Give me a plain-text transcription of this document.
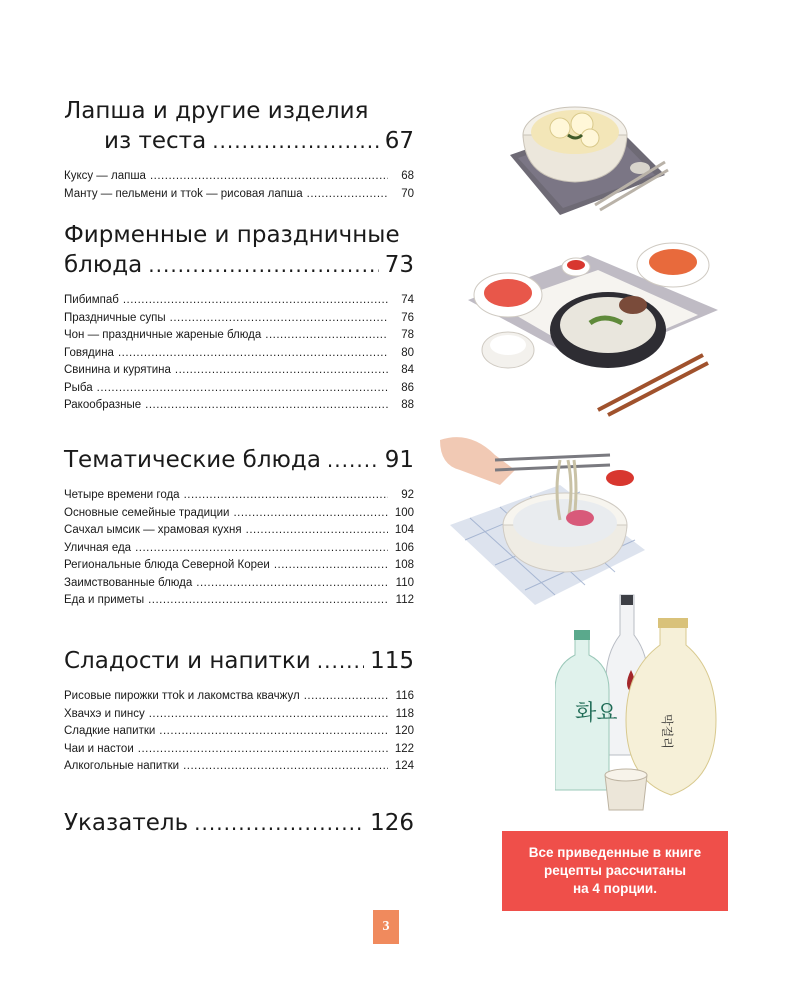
Лапша и другие изделия
из теста .....	67
Куксу — лапша .....	68
Манту — пельмени и ттоk — рисовая лапша .....	70
Фирменные и праздничные
блюда .....	73
Пибимпаб .....	74
Праздничные супы .....	76
Чон — праздничные жареные блюда .....	78
Говядина .....	80
Свинина и курятина .....	84
Рыба .....	86
Ракообразные .....	88
Тематические блюда .....	91
Четыре времени года .....	92
Основные семейные традиции .....	100
Сачхал ымсик — храмовая кухня .....	104
Уличная еда .....	106
Региональные блюда Северной Кореи .....	108
Заимствованные блюда .....	110
Еда и приметы .....	112
Сладости и напитки .....	115
Рисовые пирожки ттоk и лакомства квачжул .....	116
Хвачхэ и пинсу .....	118
Сладкие напитки .....	120
Чаи и настои .....	122
Алкогольные напитки .....	124
Указатель .....	126
화요
막걸리
Все приведенные в книге
рецепты рассчитаны
на 4 порции.
3
